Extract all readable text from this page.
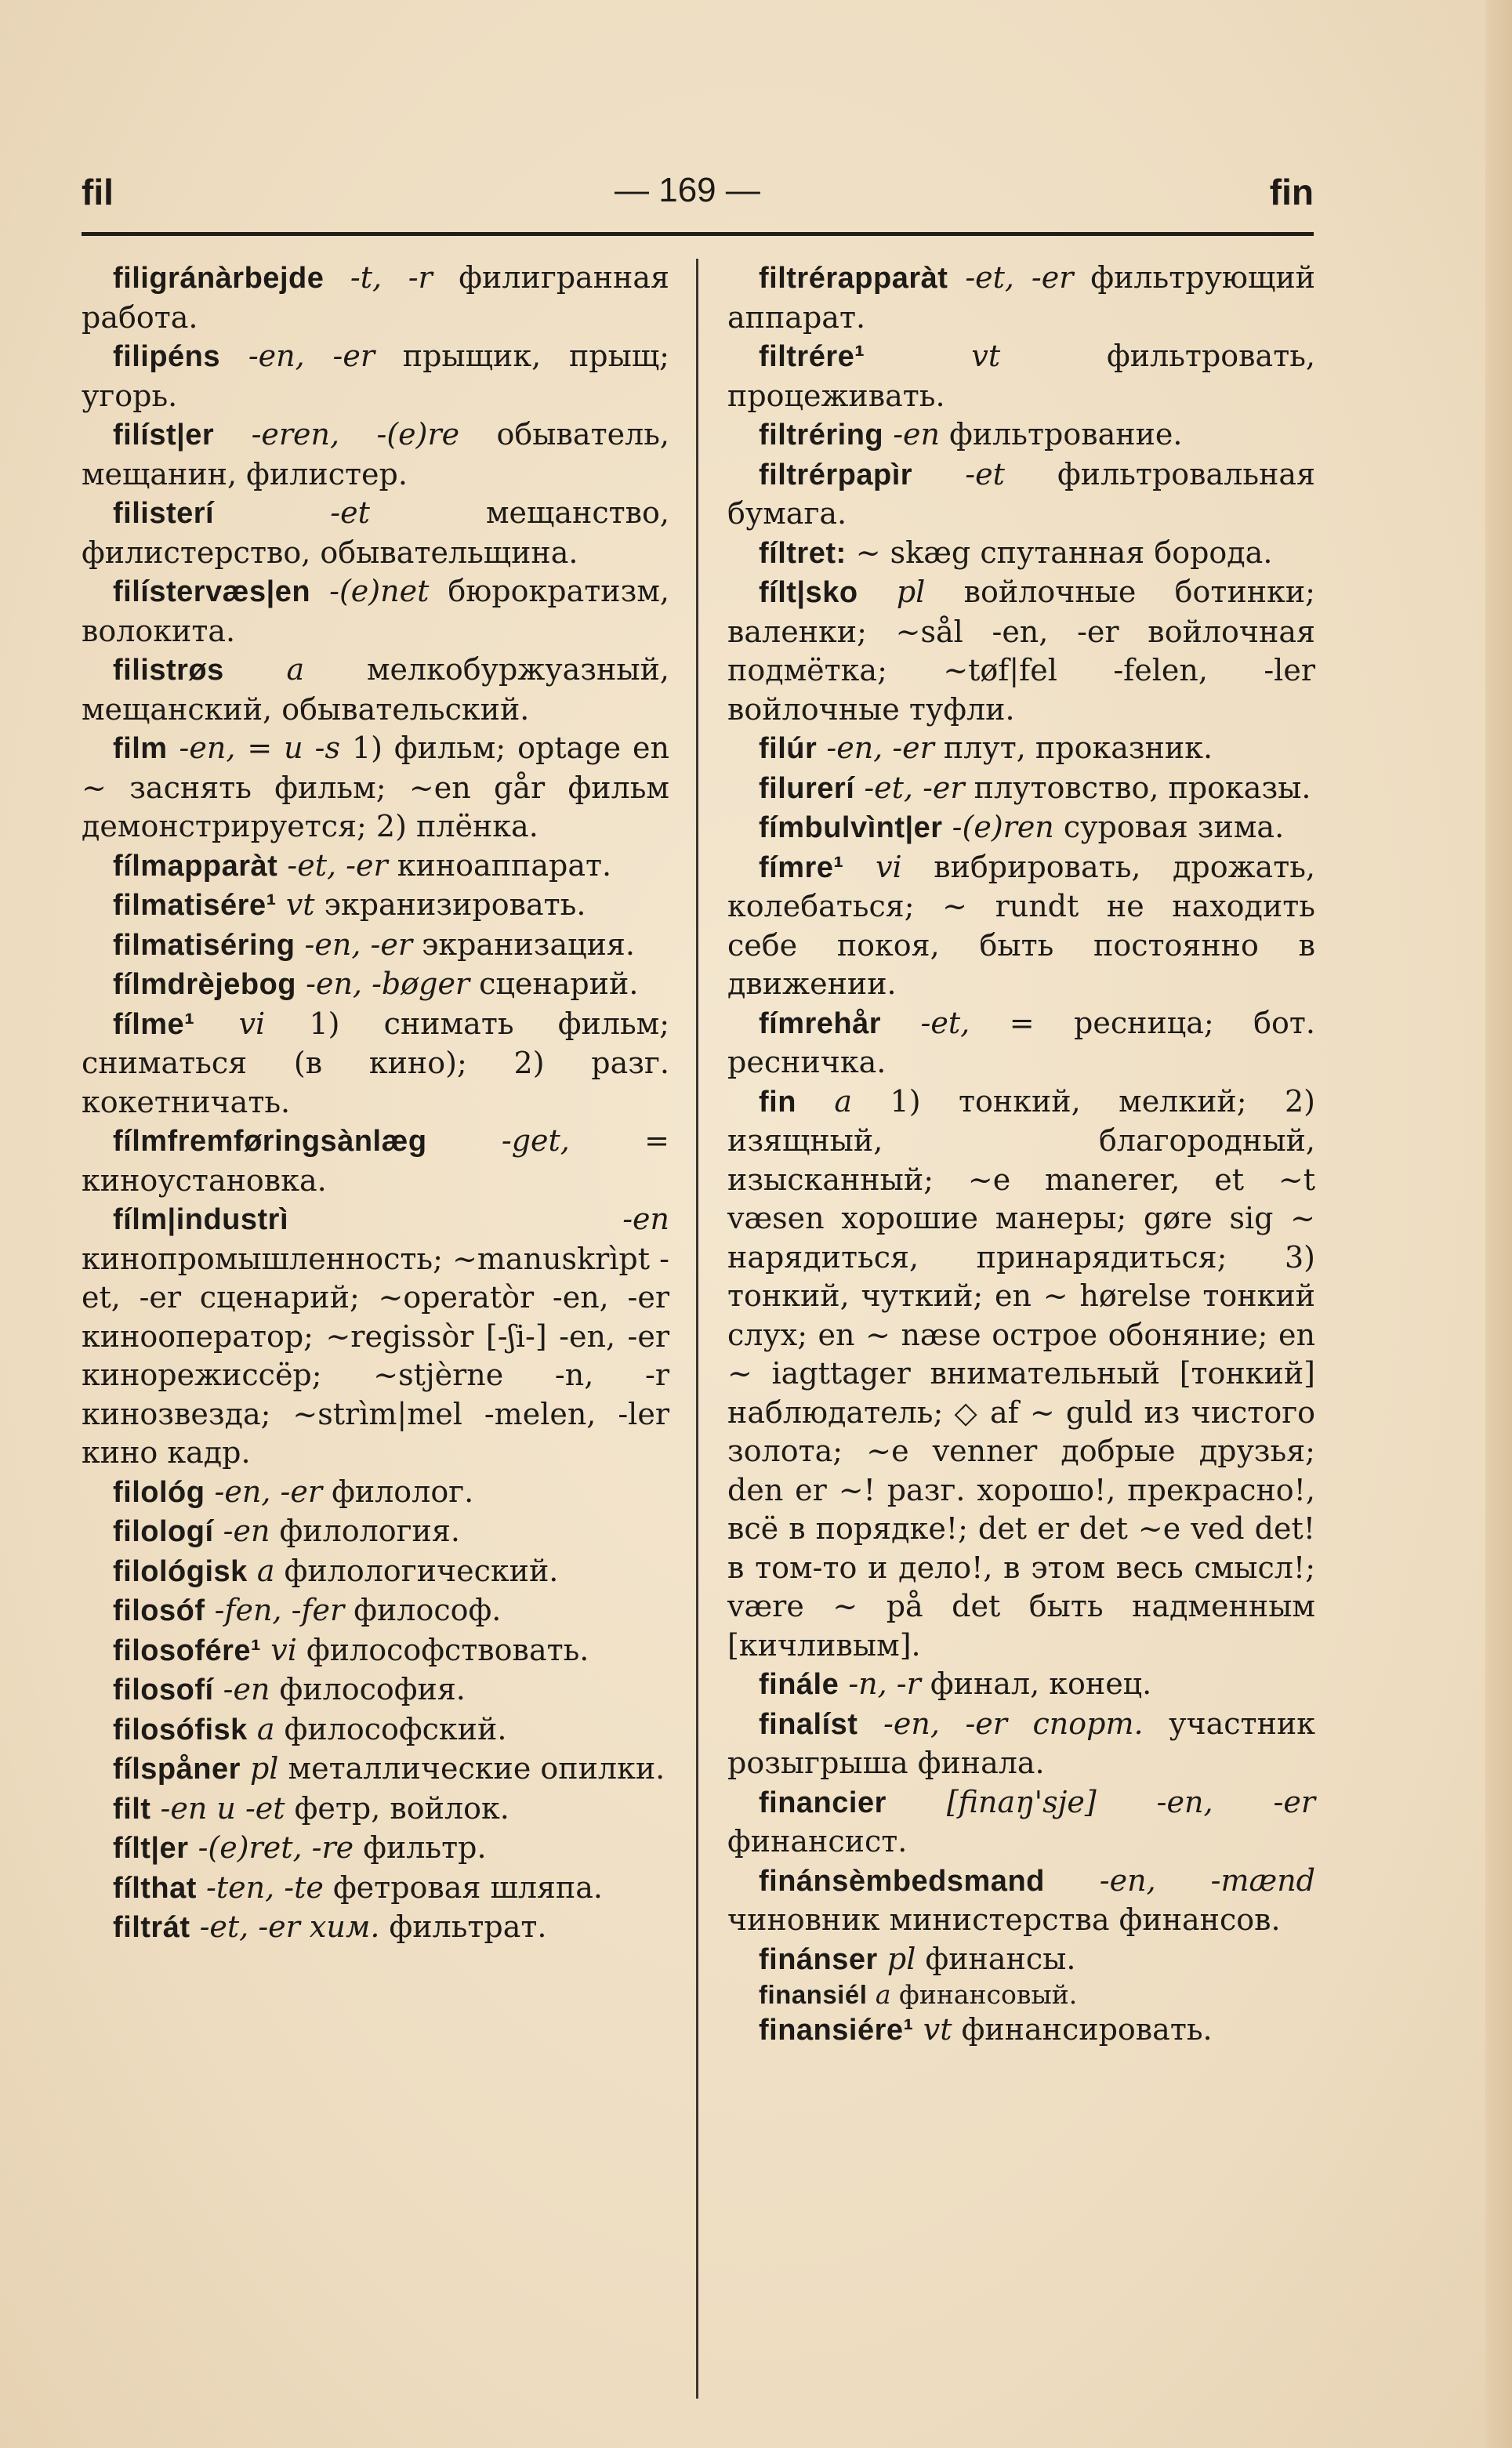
fil	— 169 —	fin

filigránàrbejde -t, -r филигранная работа.

filipéns -en, -er прыщик, прыщ; угорь.

filíst|er -eren, -(e)re обыватель, мещанин, филистер.

filisterí -et мещанство, филистерство, обывательщина.

filístervæs|en -(e)net бюрократизм, волокита.

filistrøs a мелкобуржуазный, мещанский, обывательский.

film -en, = u -s 1) фильм; optage en ~ заснять фильм; ~en går фильм демонстрируется; 2) плёнка.

fílmapparàt -et, -er киноаппарат.

filmatisére¹ vt экранизировать.

filmatiséring -en, -er экранизация.

fílmdrèjebog -en, -bøger сценарий.

fílme¹ vi 1) снимать фильм; сниматься (в кино); 2) разг. кокетничать.

fílmfremføringsànlæg -get, = киноустановка.

fílm|industrì -en кинопромышленность; ~manuskrìpt -et, -er сценарий; ~operatòr -en, -er кинооператор; ~regissòr [-ʃi-] -en, -er кинорежиссёр; ~stjèrne -n, -r кинозвезда; ~strìm|mel -melen, -ler кино кадр.

filológ -en, -er филолог.

filologí -en филология.

filológisk a филологический.

filosóf -fen, -fer философ.

filosofére¹ vi философствовать.

filosofí -en философия.

filosófisk a философский.

fílspåner pl металлические опилки.

filt -en u -et фетр, войлок.

fílt|er -(e)ret, -re фильтр.

fílthat -ten, -te фетровая шляпа.

filtrát -et, -er хим. фильтрат.

filtrérapparàt -et, -er фильтрующий аппарат.

filtrére¹ vt фильтровать, процеживать.

filtréring -en фильтрование.

filtrérpapìr -et фильтровальная бумага.

fíltret: ~ skæg спутанная борода.

fílt|sko pl войлочные ботинки; валенки; ~sål -en, -er войлочная подмётка; ~tøf|fel -felen, -ler войлочные туфли.

filúr -en, -er плут, проказник.

filurerí -et, -er плутовство, проказы.

fímbulvìnt|er -(e)ren суровая зима.

fímre¹ vi вибрировать, дрожать, колебаться; ~ rundt не находить себе покоя, быть постоянно в движении.

fímrehår -et, = ресница; бот. ресничка.

fin a 1) тонкий, мелкий; 2) изящный, благородный, изысканный; ~e manerer, et ~t væsen хорошие манеры; gøre sig ~ нарядиться, принарядиться; 3) тонкий, чуткий; en ~ hørelse тонкий слух; en ~ næse острое обоняние; en ~ iagttager внимательный [тонкий] наблюдатель; ◇ af ~ guld из чистого золота; ~e venner добрые друзья; den er ~! разг. хорошо!, прекрасно!, всё в порядке!; det er det ~e ved det! в том-то и дело!, в этом весь смысл!; være ~ på det быть надменным [кичливым].

finále -n, -r финал, конец.

finalíst -en, -er спорт. участник розыгрыша финала.

financier [finaŋ'sje] -en, -er финансист.

finánsèmbedsmand -en, -mænd чиновник министерства финансов.

finánser pl финансы.

finansiél a финансовый.

finansiére¹ vt финансировать.
